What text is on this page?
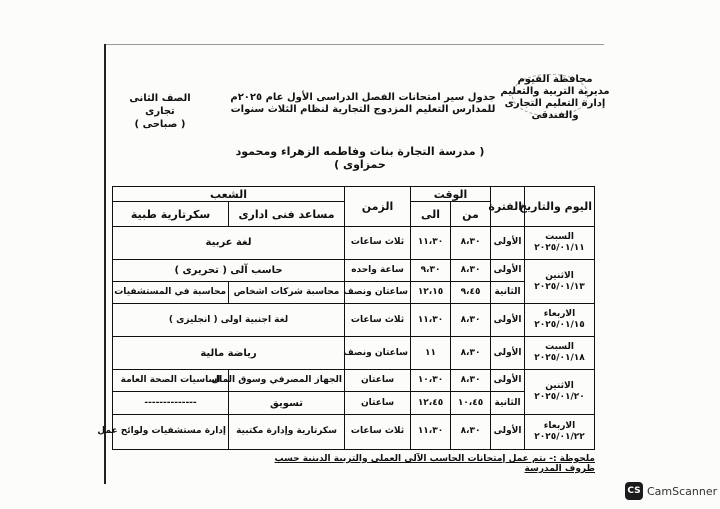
محافظة الفيوم
مديرية التربية والتعليم
إدارة التعليم التجارى والفندقى
جدول سير امتحانات الفصل الدراسى الأول عام ٢٠٢٥م
للمدارس التعليم المزدوج التجارية لنظام الثلاث سنوات
الصف الثانى
تجارى
( صباحى )
( مدرسة التجارة بنات وفاطمه الزهراء ومحمود حمزاوى )
اليوم والتاريخ	الفترة	الوقت		الزمن	الشعب	
		من	الى		مساعد فنى ادارى	سكرتارية طبية

السبت
٢٠٢٥/٠١/١١	الأولى	٨،٣٠	١١،٣٠	ثلاث ساعات	لغة عربية	

الاثنين
٢٠٢٥/٠١/١٣	الأولى	٨،٣٠	٩،٣٠	ساعة واحده	حاسب آلى ( تحريرى )	
	الثانية	٩،٤٥	١٢،١٥	ساعتان ونصف	محاسبة شركات اشخاص	محاسبة في المستشفيات

الاربعاء
٢٠٢٥/٠١/١٥	الأولى	٨،٣٠	١١،٣٠	ثلاث ساعات	لغة اجنبية اولى ( انجليزى )	

السبت
٢٠٢٥/٠١/١٨	الأولى	٨،٣٠	١١	ساعتان ونصف	رياضة مالية	

الاثنين
٢٠٢٥/٠١/٢٠	الأولى	٨،٣٠	١٠،٣٠	ساعتان	الجهاز المصرفي وسوق المال	اساسيات الصحة العامة
	الثانية	١٠،٤٥	١٢،٤٥	ساعتان	تسويق	--------------

الاربعاء
٢٠٢٥/٠١/٢٢	الأولى	٨،٣٠	١١،٣٠	ثلاث ساعات	سكرتارية وإدارة مكتبية	إدارة مستشفيات ولوائح عمل
ملحوظة :- يتم عمل إمتحانات الحاسب الآلى العملى والتربية الدينية حسب ظروف المدرسة
CS CamScanner
